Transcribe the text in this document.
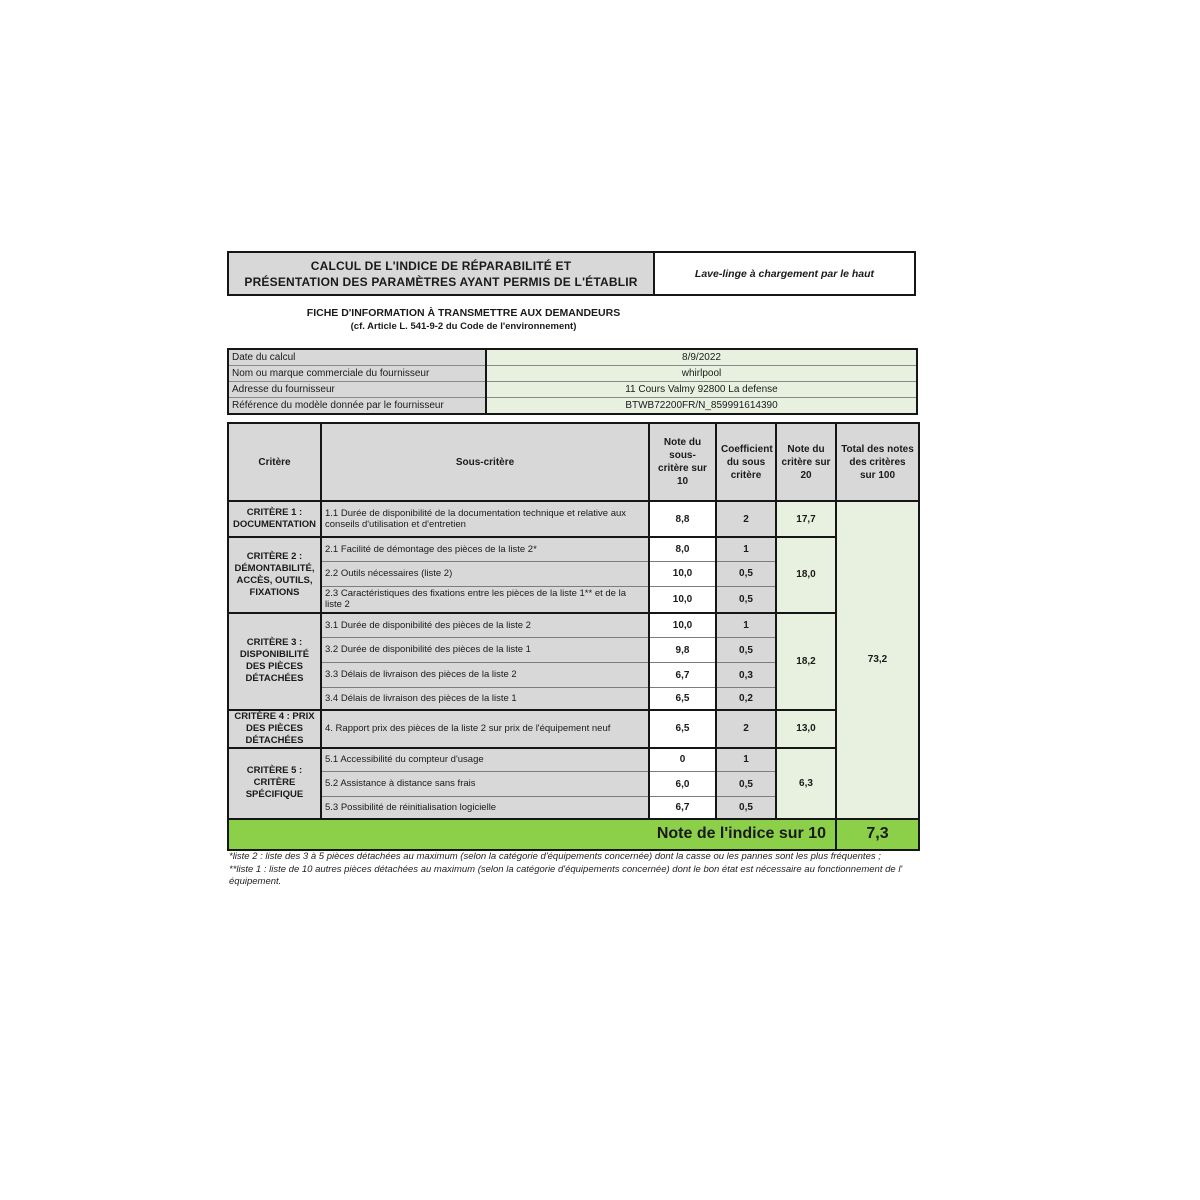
CALCUL DE L'INDICE DE RÉPARABILITÉ ET
PRÉSENTATION DES PARAMÈTRES AYANT PERMIS DE L'ÉTABLIR
Lave-linge à chargement par le haut
FICHE D'INFORMATION À TRANSMETTRE AUX DEMANDEURS
(cf. Article L. 541-9-2 du Code de l'environnement)
Date du calcul	8/9/2022
Nom ou marque commerciale du fournisseur	whirlpool
Adresse du fournisseur	11 Cours Valmy 92800 La defense
Référence du modèle donnée par le fournisseur	BTWB72200FR/N_859991614390
Critère	Sous-critère	Note du sous-critère sur 10	Coefficient du sous critère	Note du critère sur 20	Total des notes des critères sur 100
CRITÈRE 1 : DOCUMENTATION	1.1 Durée de disponibilité de la documentation technique et relative aux conseils d'utilisation et d'entretien	8,8	2	17,7	73,2
CRITÈRE 2 : DÉMONTABILITÉ, ACCÈS, OUTILS, FIXATIONS	2.1 Facilité de démontage des pièces de la liste 2*	8,0	1	18,0	
	2.2 Outils nécessaires (liste 2)	10,0	0,5		
	2.3 Caractéristiques des fixations entre les pièces de la liste 1** et de la liste 2	10,0	0,5		
CRITÈRE 3 : DISPONIBILITÉ DES PIÈCES DÉTACHÉES	3.1 Durée de disponibilité des pièces de la liste 2	10,0	1	18,2	
	3.2 Durée de disponibilité des pièces de la liste 1	9,8	0,5		
	3.3 Délais de livraison des pièces de la liste 2	6,7	0,3		
	3.4 Délais de livraison des pièces de la liste 1	6,5	0,2		
CRITÈRE 4 : PRIX DES PIÈCES DÉTACHÉES	4. Rapport prix des pièces de la liste 2 sur prix de l'équipement neuf	6,5	2	13,0	
CRITÈRE 5 : CRITÈRE SPÉCIFIQUE	5.1 Accessibilité du compteur d'usage	0	1	6,3	
	5.2 Assistance à distance sans frais	6,0	0,5		
	5.3 Possibilité de réinitialisation logicielle	6,7	0,5		
Note de l'indice sur 10					7,3

*liste 2 : liste des 3 à 5 pièces détachées au maximum (selon la catégorie d'équipements concernée) dont la casse ou les pannes sont les plus fréquentes ;

**liste 1 : liste de 10 autres pièces détachées au maximum (selon la catégorie d'équipements concernée) dont le bon état est nécessaire au fonctionnement de l' équipement.
